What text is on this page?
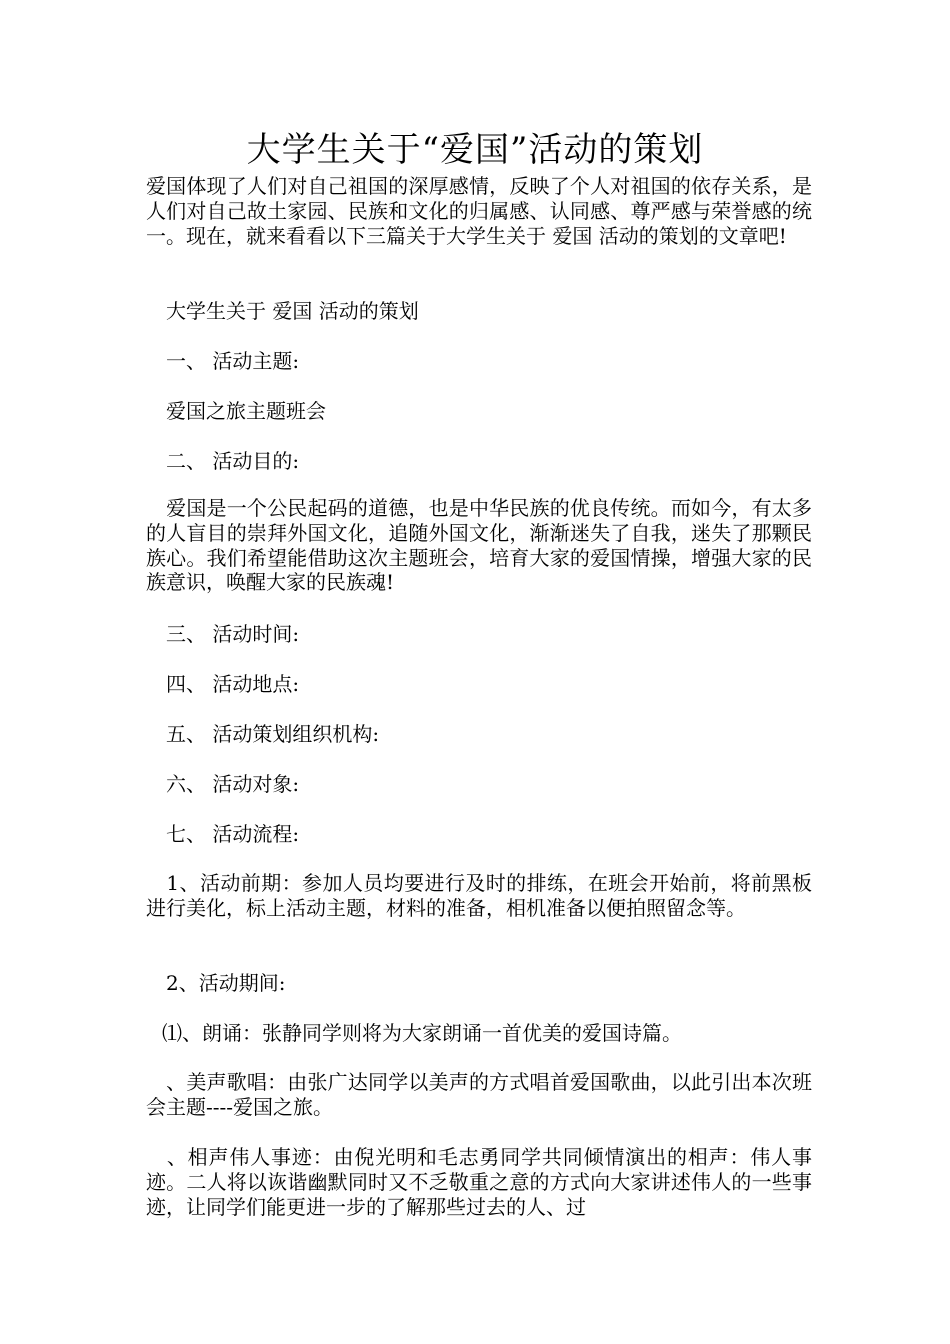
大学生关于“爱国”活动的策划

爱国体现了人们对自己祖国的深厚感情，反映了个人对祖国的依存关系，是人们对自己故土家园、民族和文化的归属感、认同感、尊严感与荣誉感的统一。现在，就来看看以下三篇关于大学生关于 爱国 活动的策划的文章吧!

　大学生关于 爱国 活动的策划

　一、 活动主题:

　爱国之旅主题班会

　二、 活动目的:

　爱国是一个公民起码的道德，也是中华民族的优良传统。而如今，有太多的人盲目的崇拜外国文化，追随外国文化，渐渐迷失了自我，迷失了那颗民族心。我们希望能借助这次主题班会，培育大家的爱国情操，增强大家的民族意识，唤醒大家的民族魂!

　三、 活动时间:

　四、 活动地点:

　五、 活动策划组织机构:

　六、 活动对象:

　七、 活动流程:

　1、活动前期：参加人员均要进行及时的排练，在班会开始前，将前黑板进行美化，标上活动主题，材料的准备，相机准备以便拍照留念等。

　2、活动期间:

⑴、朗诵：张静同学则将为大家朗诵一首优美的爱国诗篇。

　、美声歌唱：由张广达同学以美声的方式唱首爱国歌曲，以此引出本次班会主题----爱国之旅。

　、相声伟人事迹：由倪光明和毛志勇同学共同倾情演出的相声：伟人事迹。二人将以诙谐幽默同时又不乏敬重之意的方式向大家讲述伟人的一些事迹，让同学们能更进一步的了解那些过去的人、过
